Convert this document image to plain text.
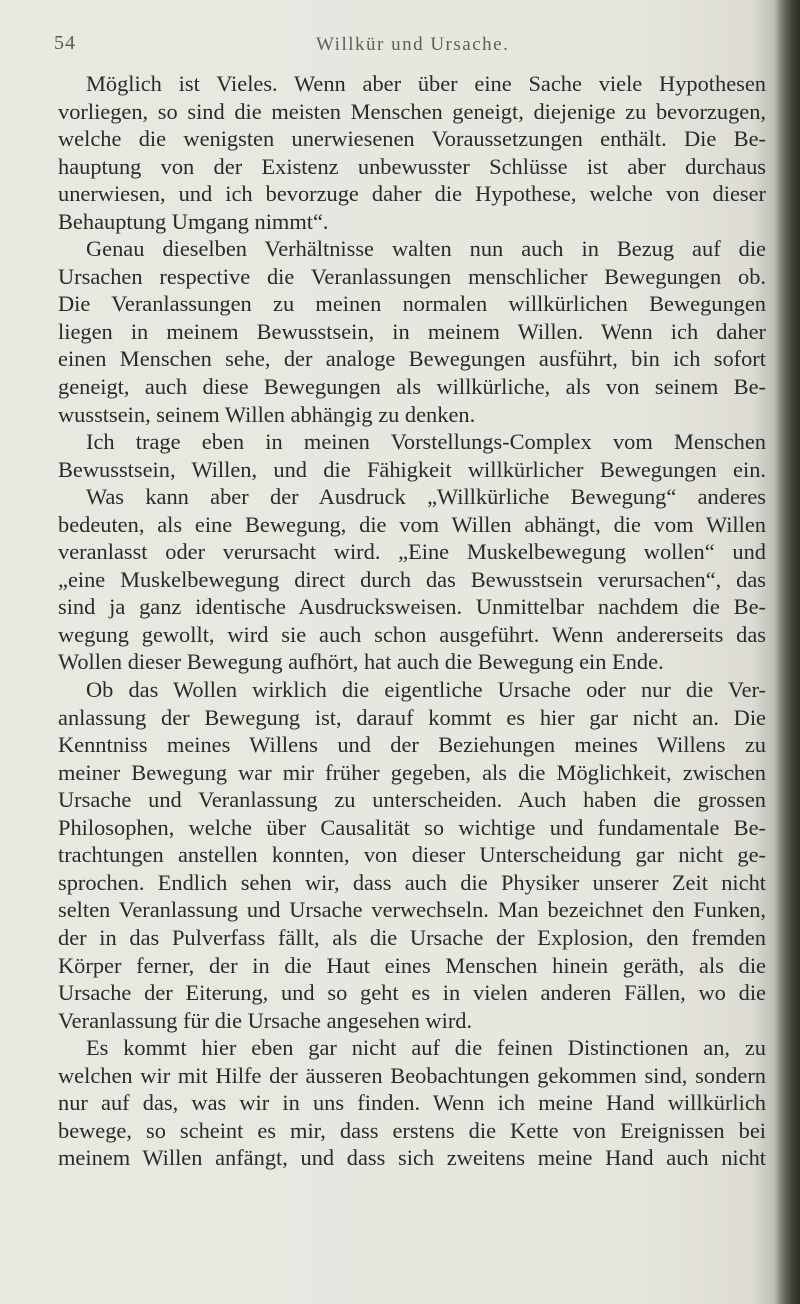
54	Willkür und Ursache.
Möglich ist Vieles. Wenn aber über eine Sache viele Hypothesen
vorliegen, so sind die meisten Menschen geneigt, diejenige zu bevorzugen,
welche die wenigsten unerwiesenen Voraussetzungen enthält. Die Be-
hauptung von der Existenz unbewusster Schlüsse ist aber durchaus
unerwiesen, und ich bevorzuge daher die Hypothese, welche von dieser
Behauptung Umgang nimmt“.
Genau dieselben Verhältnisse walten nun auch in Bezug auf die
Ursachen respective die Veranlassungen menschlicher Bewegungen ob.
Die Veranlassungen zu meinen normalen willkürlichen Bewegungen
liegen in meinem Bewusstsein, in meinem Willen. Wenn ich daher
einen Menschen sehe, der analoge Bewegungen ausführt, bin ich sofort
geneigt, auch diese Bewegungen als willkürliche, als von seinem Be-
wusstsein, seinem Willen abhängig zu denken.
Ich trage eben in meinen Vorstellungs-Complex vom Menschen
Bewusstsein, Willen, und die Fähigkeit willkürlicher Bewegungen ein.
Was kann aber der Ausdruck „Willkürliche Bewegung“ anderes
bedeuten, als eine Bewegung, die vom Willen abhängt, die vom Willen
veranlasst oder verursacht wird. „Eine Muskelbewegung wollen“ und
„eine Muskelbewegung direct durch das Bewusstsein verursachen“, das
sind ja ganz identische Ausdrucksweisen. Unmittelbar nachdem die Be-
wegung gewollt, wird sie auch schon ausgeführt. Wenn andererseits das
Wollen dieser Bewegung aufhört, hat auch die Bewegung ein Ende.
Ob das Wollen wirklich die eigentliche Ursache oder nur die Ver-
anlassung der Bewegung ist, darauf kommt es hier gar nicht an. Die
Kenntniss meines Willens und der Beziehungen meines Willens zu
meiner Bewegung war mir früher gegeben, als die Möglichkeit, zwischen
Ursache und Veranlassung zu unterscheiden. Auch haben die grossen
Philosophen, welche über Causalität so wichtige und fundamentale Be-
trachtungen anstellen konnten, von dieser Unterscheidung gar nicht ge-
sprochen. Endlich sehen wir, dass auch die Physiker unserer Zeit nicht
selten Veranlassung und Ursache verwechseln. Man bezeichnet den Funken,
der in das Pulverfass fällt, als die Ursache der Explosion, den fremden
Körper ferner, der in die Haut eines Menschen hinein geräth, als die
Ursache der Eiterung, und so geht es in vielen anderen Fällen, wo die
Veranlassung für die Ursache angesehen wird.
Es kommt hier eben gar nicht auf die feinen Distinctionen an, zu
welchen wir mit Hilfe der äusseren Beobachtungen gekommen sind, sondern
nur auf das, was wir in uns finden. Wenn ich meine Hand willkürlich
bewege, so scheint es mir, dass erstens die Kette von Ereignissen bei
meinem Willen anfängt, und dass sich zweitens meine Hand auch nicht
